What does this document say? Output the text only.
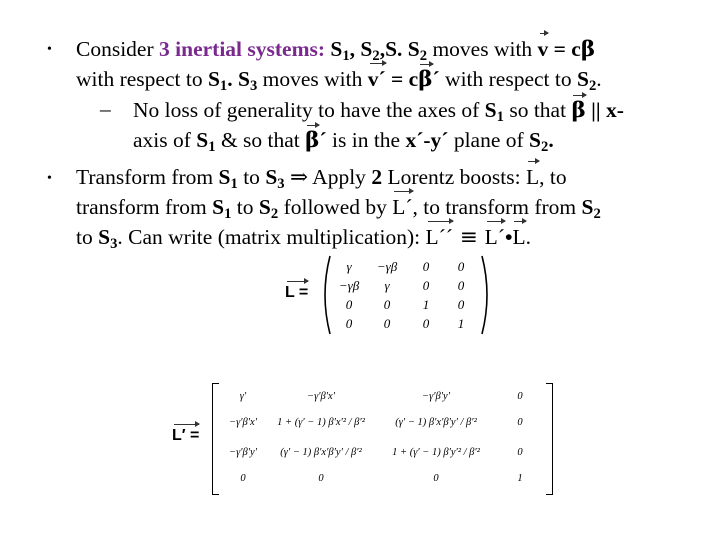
• Consider 3 inertial systems: $S_1$, $S_2,S$. $S_2$ moves with v = cβ
with respect to $S_1$. $S_3$ moves with v´ = cβ´ with respect to $S_2$.
– No loss of generality to have the axes of $S_1$ so that β || x-
axis of $S_1$ & so that β´ is in the x´-y´ plane of $S_2$.
• Transform from $S_1$ to $S_3$ ⇒ Apply 2 Lorentz boosts: L, to
transform from $S_1$ to $S_2$ followed by L´, to transform from $S_2$
to $S_3$. Can write (matrix multiplication): L´´ ≡ L´•L.
L =
γ	−γβ	0	0
−γβ	γ	0	0
0	0	1	0
0	0	0	1
L′ =
γ′	−γ′β′x′	−γ′β′y′	0
−γ′β′x′	1 + (γ′ − 1) β′x′² / β′²	(γ′ − 1) β′x′β′y′ / β′²	0
−γ′β′y′	(γ′ − 1) β′x′β′y′ / β′²	1 + (γ′ − 1) β′y′² / β′²	0
0	0	0	1
